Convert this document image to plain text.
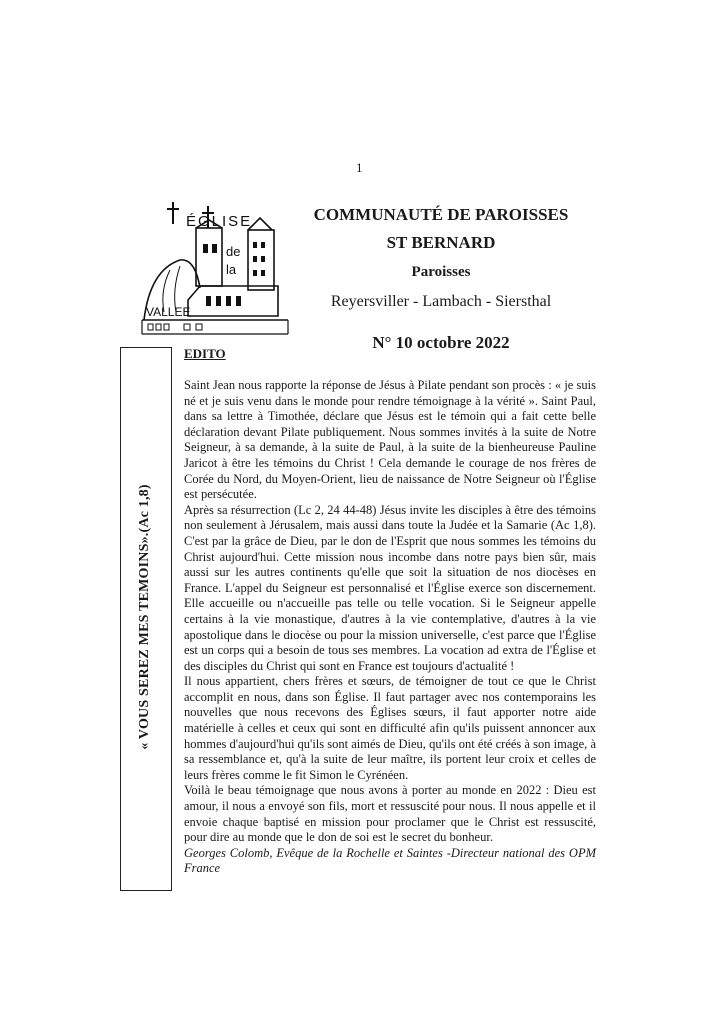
1
ÉGLISE
de
la
VALLEE
COMMUNAUTÉ DE PAROISSES
ST BERNARD
Paroisses
Reyersviller - Lambach - Siersthal
N° 10 octobre 2022
« VOUS SEREZ MES TEMOINS».(Ac 1,8)
EDITO

Saint Jean nous rapporte la réponse de Jésus à Pilate pendant son procès : « je suis né et je suis venu dans le monde pour rendre témoignage à la vérité ». Saint Paul, dans sa lettre à Timothée, déclare que Jésus est le témoin qui a fait cette belle déclaration devant Pilate publiquement. Nous sommes invités à la suite de Notre Seigneur, à sa demande, à la suite de Paul, à la suite de la bienheureuse Pauline Jaricot à être les témoins du Christ ! Cela demande le courage de nos frères de Corée du Nord, du Moyen-Orient, lieu de naissance de Notre Seigneur où l'Église est persécutée.

Après sa résurrection (Lc 2, 24 44-48) Jésus invite les disciples à être des témoins non seulement à Jérusalem, mais aussi dans toute la Judée et la Samarie (Ac 1,8). C'est par la grâce de Dieu, par le don de l'Esprit que nous sommes les témoins du Christ aujourd'hui. Cette mission nous incombe dans notre pays bien sûr, mais aussi sur les autres continents qu'elle que soit la situation de nos diocèses en France. L'appel du Seigneur est personnalisé et l'Église exerce son discernement. Elle accueille ou n'accueille pas telle ou telle vocation. Si le Seigneur appelle certains à la vie monastique, d'autres à la vie contemplative, d'autres à la vie apostolique dans le diocèse ou pour la mission universelle, c'est parce que l'Église est un corps qui a besoin de tous ses membres. La vocation ad extra de l'Église et des disciples du Christ qui sont en France est toujours d'actualité !

Il nous appartient, chers frères et sœurs, de témoigner de tout ce que le Christ accomplit en nous, dans son Église. Il faut partager avec nos contemporains les nouvelles que nous recevons des Églises sœurs, il faut apporter notre aide matérielle à celles et ceux qui sont en difficulté afin qu'ils puissent annoncer aux hommes d'aujourd'hui qu'ils sont aimés de Dieu, qu'ils ont été créés à son image, à sa ressemblance et, qu'à la suite de leur maître, ils portent leur croix et celles de leurs frères comme le fit Simon le Cyrénéen.

Voilà le beau témoignage que nous avons à porter au monde en 2022 : Dieu est amour, il nous a envoyé son fils, mort et ressuscité pour nous. Il nous appelle et il envoie chaque baptisé en mission pour proclamer que le Christ est ressuscité, pour dire au monde que le don de soi est le secret du bonheur.

Georges Colomb, Evêque de la Rochelle et Saintes -Directeur national des OPM France
